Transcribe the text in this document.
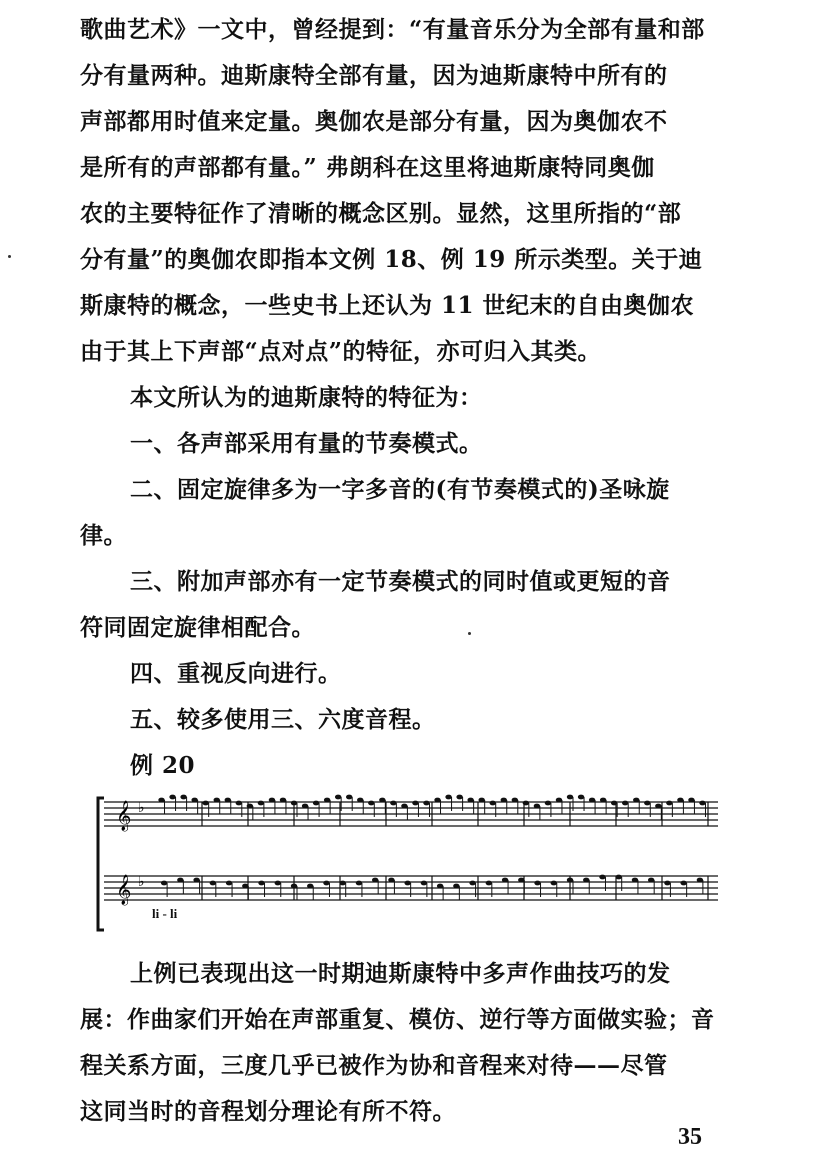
歌曲艺术》一文中，曾经提到：“有量音乐分为全部有量和部
分有量两种。迪斯康特全部有量，因为迪斯康特中所有的
声部都用时值来定量。奥伽农是部分有量，因为奥伽农不
是所有的声部都有量。” 弗朗科在这里将迪斯康特同奥伽
农的主要特征作了清晰的概念区别。显然，这里所指的“部
分有量”的奥伽农即指本文例 18、例 19 所示类型。关于迪
斯康特的概念，一些史书上还认为 11 世纪末的自由奥伽农
由于其上下声部“点对点”的特征，亦可归入其类。
本文所认为的迪斯康特的特征为：
一、各声部采用有量的节奏模式。
二、固定旋律多为一字多音的(有节奏模式的)圣咏旋
律。
三、附加声部亦有一定节奏模式的同时值或更短的音
符同固定旋律相配合。
四、重视反向进行。
五、较多使用三、六度音程。
例 20
𝄞
𝄞
♭
♭
li - li
上例已表现出这一时期迪斯康特中多声作曲技巧的发
展：作曲家们开始在声部重复、模仿、逆行等方面做实验；音
程关系方面，三度几乎已被作为协和音程来对待——尽管
这同当时的音程划分理论有所不符。
35
